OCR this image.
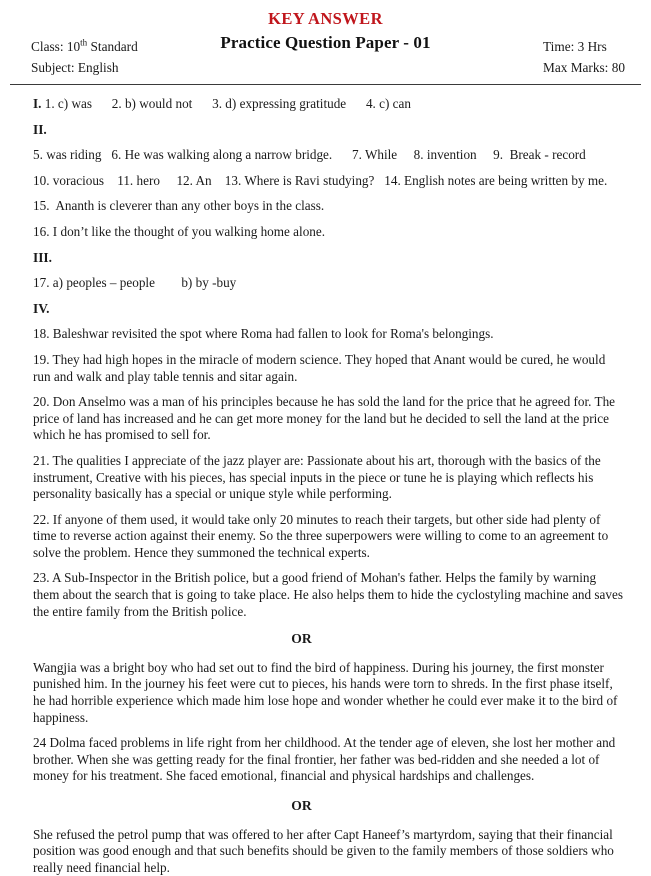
KEY ANSWER
Practice Question Paper - 01
Class: 10th Standard
Subject: English
Time: 3 Hrs
Max Marks: 80
I. 1. c) was      2. b) would not      3. d) expressing gratitude      4. c) can
II.
5. was riding   6. He was walking along a narrow bridge.      7. While     8. invention     9.  Break - record
10. voracious    11. hero     12. An    13. Where is Ravi studying?   14. English notes are being written by me.
15.  Ananth is cleverer than any other boys in the class.
16. I don’t like the thought of you walking home alone.
III.
17. a) peoples – people        b) by -buy
IV.
18. Baleshwar revisited the spot where Roma had fallen to look for Roma's belongings.
19. They had high hopes in the miracle of modern science. They hoped that Anant would be cured, he would run and walk and play table tennis and sitar again.
20. Don Anselmo was a man of his principles because he has sold the land for the price that he agreed for. The price of land has increased and he can get more money for the land but he decided to sell the land at the price which he has promised to sell for.
21. The qualities I appreciate of the jazz player are: Passionate about his art, thorough with the basics of the instrument, Creative with his pieces, has special inputs in the piece or tune he is playing which reflects his personality basically has a special or unique style while performing.
22. If anyone of them used, it would take only 20 minutes to reach their targets, but other side had plenty of time to reverse action against their enemy. So the three superpowers were willing to come to an agreement to solve the problem. Hence they summoned the technical experts.
23. A Sub-Inspector in the British police, but a good friend of Mohan's father. Helps the family by warning them about the search that is going to take place. He also helps them to hide the cyclostyling machine and saves the entire family from the British police.
OR
Wangjia was a bright boy who had set out to find the bird of happiness. During his journey, the first monster punished him. In the journey his feet were cut to pieces, his hands were torn to shreds. In the first phase itself, he had horrible experience which made him lose hope and wonder whether he could ever make it to the bird of happiness.
24 Dolma faced problems in life right from her childhood. At the tender age of eleven, she lost her mother and brother. When she was getting ready for the final frontier, her father was bed-ridden and she needed a lot of money for his treatment. She faced emotional, financial and physical hardships and challenges.
OR
She refused the petrol pump that was offered to her after Capt Haneef’s martyrdom, saying that their financial position was good enough and that such benefits should be given to the family members of those soldiers who really need financial help.
